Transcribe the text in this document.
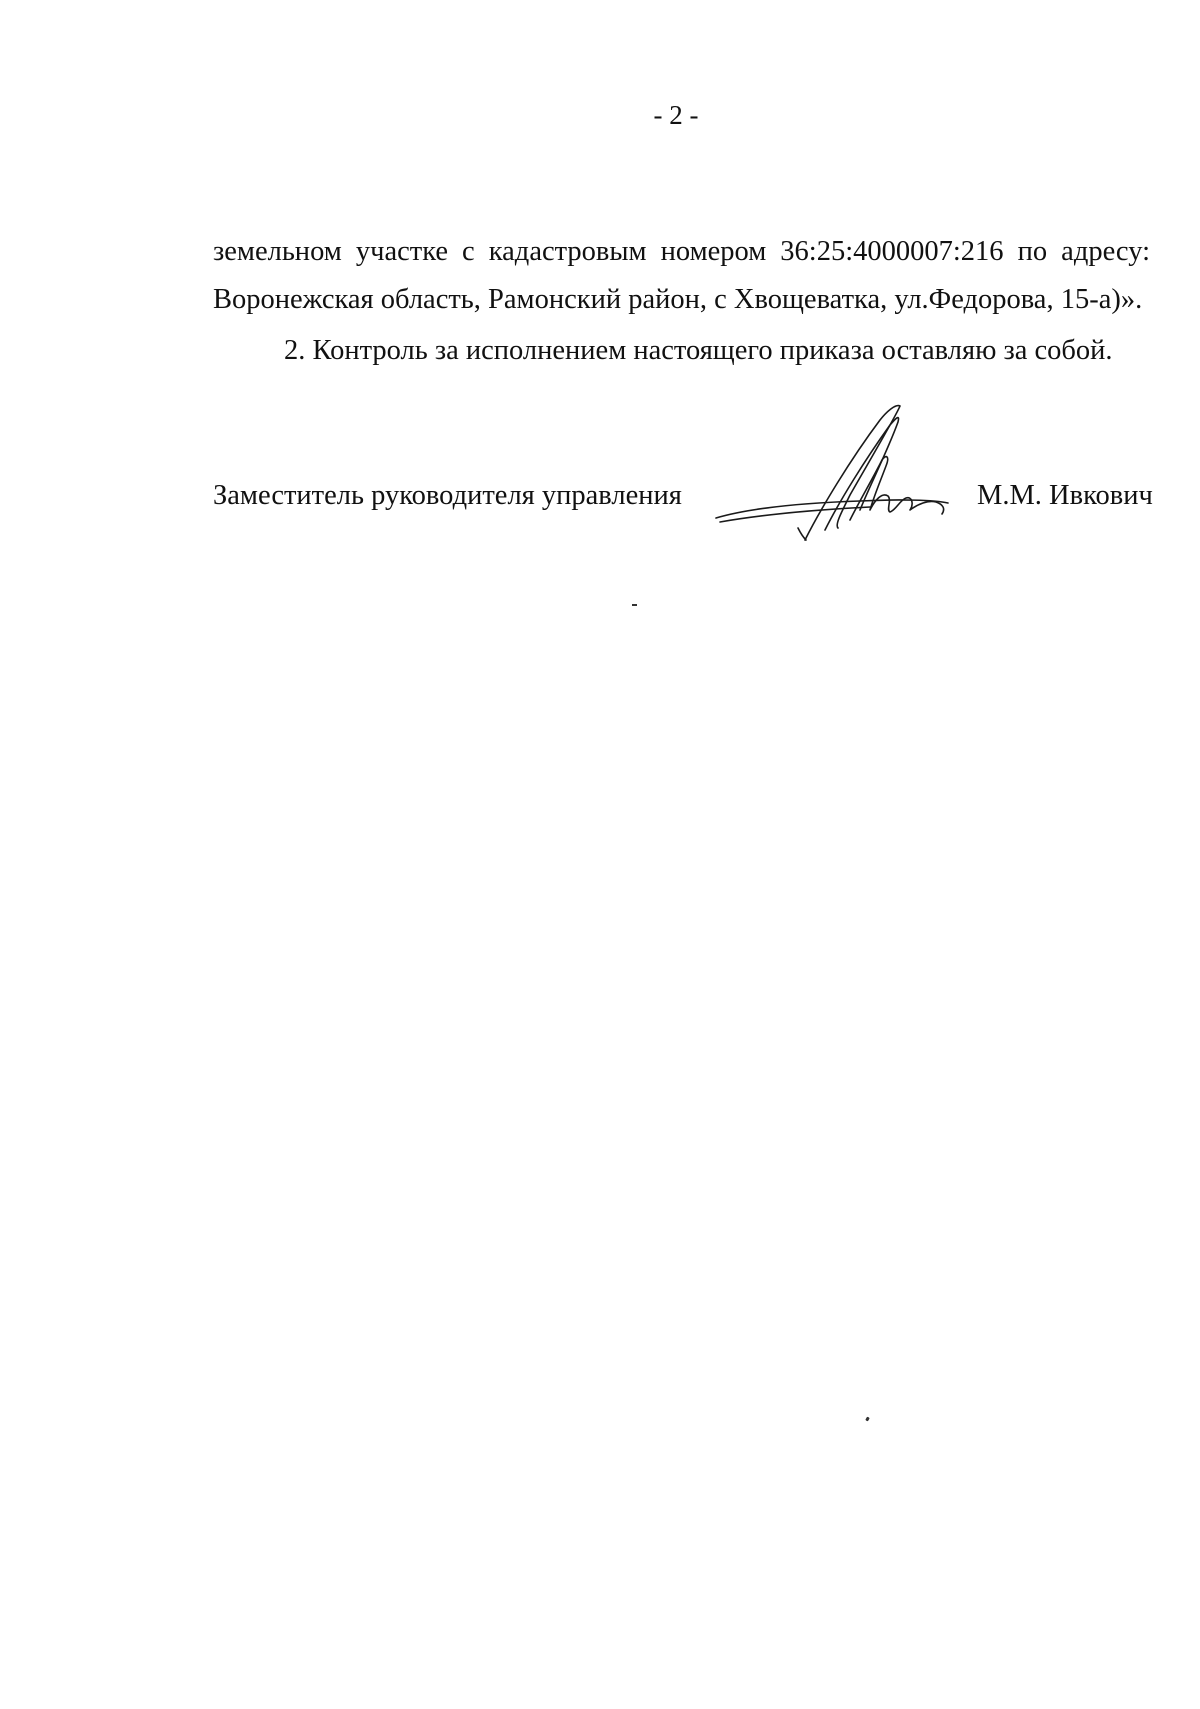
- 2 -
земельном участке с кадастровым номером 36:25:4000007:216 по адресу:
Воронежская область, Рамонский район, с Хвощеватка, ул.Федорова, 15-а)».
2. Контроль за исполнением настоящего приказа оставляю за собой.
Заместитель руководителя управления	М.М. Ивкович
